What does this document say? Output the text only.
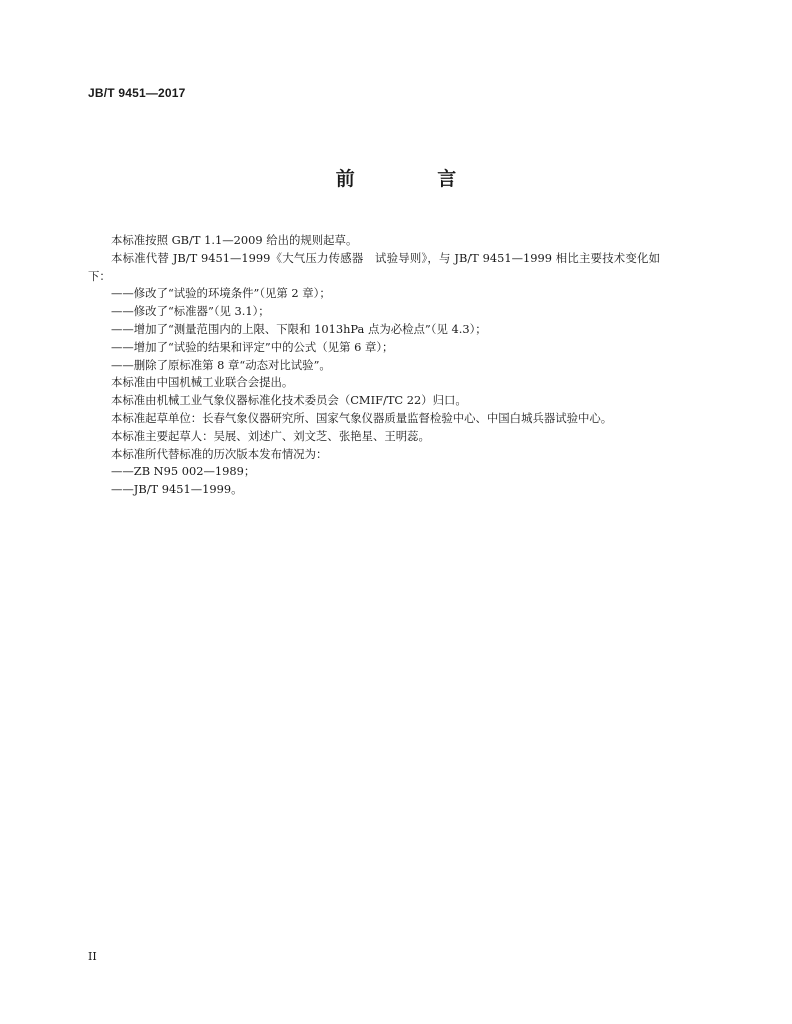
JB/T 9451—2017
前 言

本标准按照 GB/T 1.1—2009 给出的规则起草。

本标准代替 JB/T 9451—1999《大气压力传感器　试验导则》，与 JB/T 9451—1999 相比主要技术变化如下：

——修改了“试验的环境条件”（见第 2 章）；

——修改了“标准器”（见 3.1）；

——增加了“测量范围内的上限、下限和 1013hPa 点为必检点”（见 4.3）；

——增加了“试验的结果和评定”中的公式（见第 6 章）；

——删除了原标准第 8 章“动态对比试验”。

本标准由中国机械工业联合会提出。

本标准由机械工业气象仪器标准化技术委员会（CMIF/TC 22）归口。

本标准起草单位：长春气象仪器研究所、国家气象仪器质量监督检验中心、中国白城兵器试验中心。

本标准主要起草人：吴展、刘述广、刘文芝、张艳星、王明蕊。

本标准所代替标准的历次版本发布情况为：

——ZB N95 002—1989；

——JB/T 9451—1999。

II
